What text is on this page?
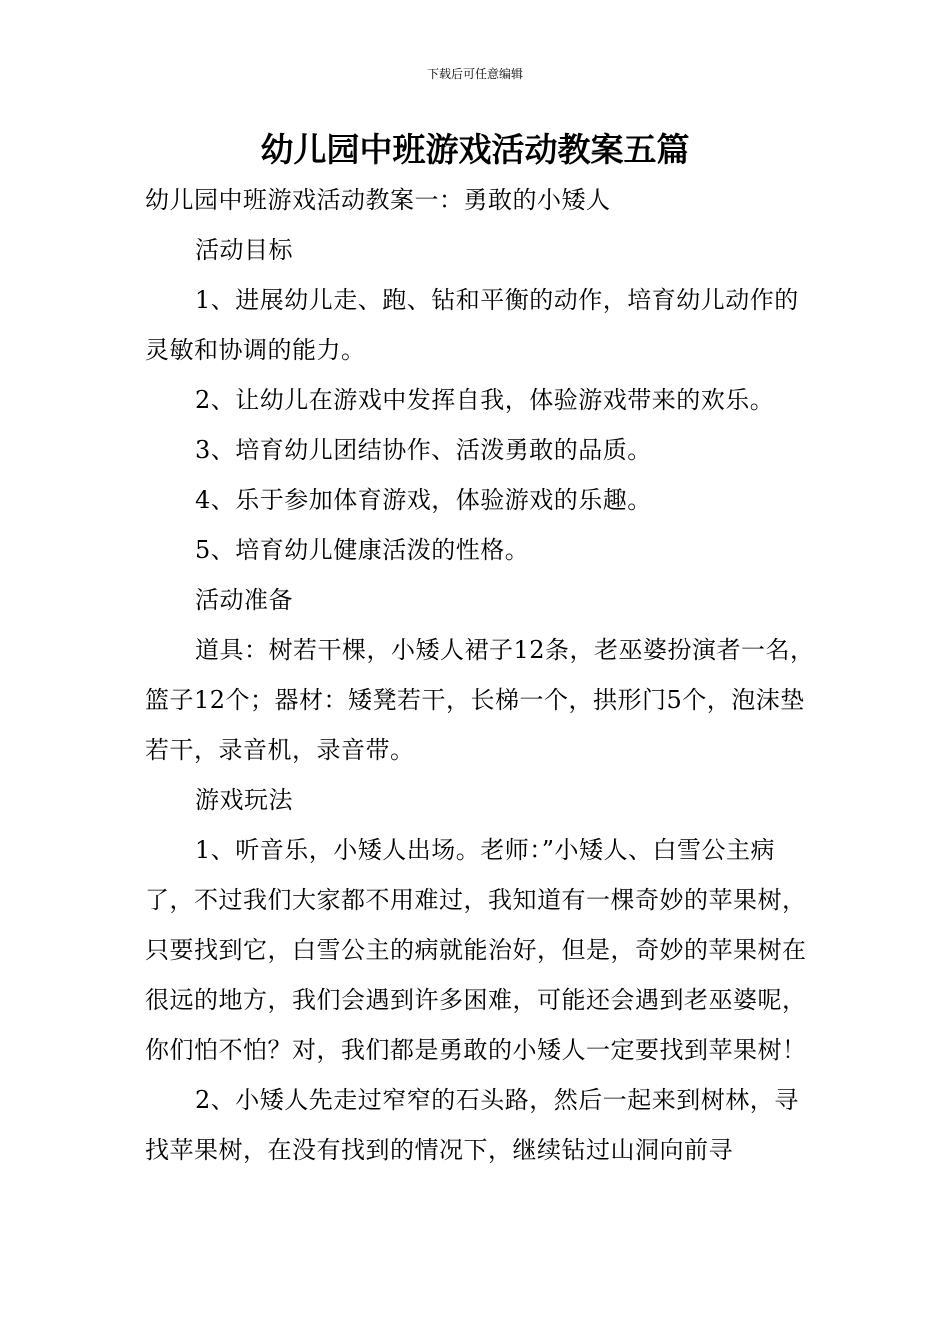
下载后可任意编辑
幼儿园中班游戏活动教案五篇

幼儿园中班游戏活动教案一：勇敢的小矮人

活动目标

1、进展幼儿走、跑、钻和平衡的动作，培育幼儿动作的灵敏和协调的能力。

2、让幼儿在游戏中发挥自我，体验游戏带来的欢乐。

3、培育幼儿团结协作、活泼勇敢的品质。

4、乐于参加体育游戏，体验游戏的乐趣。

5、培育幼儿健康活泼的性格。

活动准备

道具：树若干棵，小矮人裙子12条，老巫婆扮演者一名，篮子12个；器材：矮凳若干，长梯一个，拱形门5个，泡沫垫若干，录音机，录音带。

游戏玩法

1、听音乐，小矮人出场。老师：”小矮人、白雪公主病了，不过我们大家都不用难过，我知道有一棵奇妙的苹果树，只要找到它，白雪公主的病就能治好，但是，奇妙的苹果树在很远的地方，我们会遇到许多困难，可能还会遇到老巫婆呢，你们怕不怕？对，我们都是勇敢的小矮人一定要找到苹果树！

2、小矮人先走过窄窄的石头路，然后一起来到树林，寻找苹果树，在没有找到的情况下，继续钻过山洞向前寻
